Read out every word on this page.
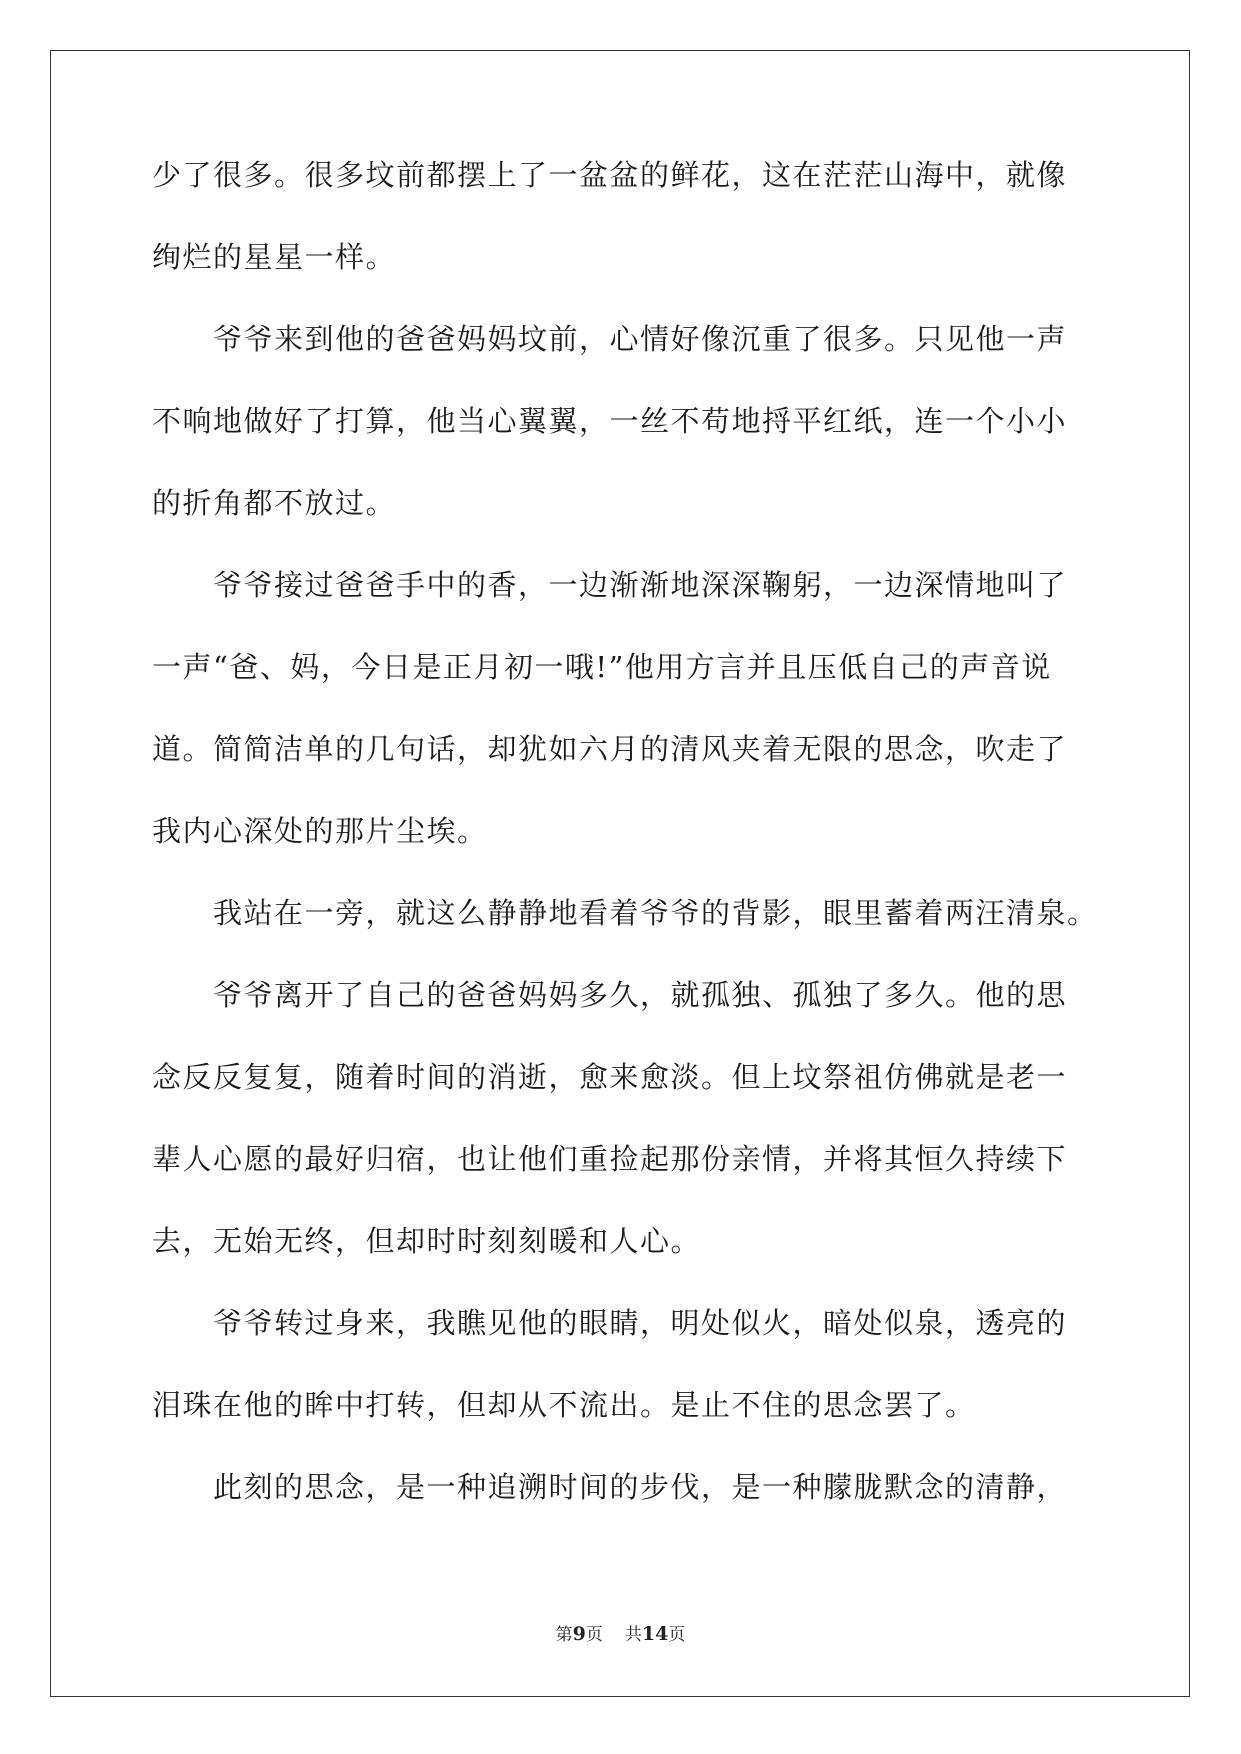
少了很多。很多坟前都摆上了一盆盆的鲜花，这在茫茫山海中，就像
绚烂的星星一样。
　　爷爷来到他的爸爸妈妈坟前，心情好像沉重了很多。只见他一声
不响地做好了打算，他当心翼翼，一丝不苟地捋平红纸，连一个小小
的折角都不放过。
　　爷爷接过爸爸手中的香，一边渐渐地深深鞠躬，一边深情地叫了
一声“爸、妈，今日是正月初一哦!”他用方言并且压低自己的声音说
道。简简洁单的几句话，却犹如六月的清风夹着无限的思念，吹走了
我内心深处的那片尘埃。
　　我站在一旁，就这么静静地看着爷爷的背影，眼里蓄着两汪清泉。
　　爷爷离开了自己的爸爸妈妈多久，就孤独、孤独了多久。他的思
念反反复复，随着时间的消逝，愈来愈淡。但上坟祭祖仿佛就是老一
辈人心愿的最好归宿，也让他们重捡起那份亲情，并将其恒久持续下
去，无始无终，但却时时刻刻暖和人心。
　　爷爷转过身来，我瞧见他的眼睛，明处似火，暗处似泉，透亮的
泪珠在他的眸中打转，但却从不流出。是止不住的思念罢了。
　　此刻的思念，是一种追溯时间的步伐，是一种朦胧默念的清静，
第9页 共14页
